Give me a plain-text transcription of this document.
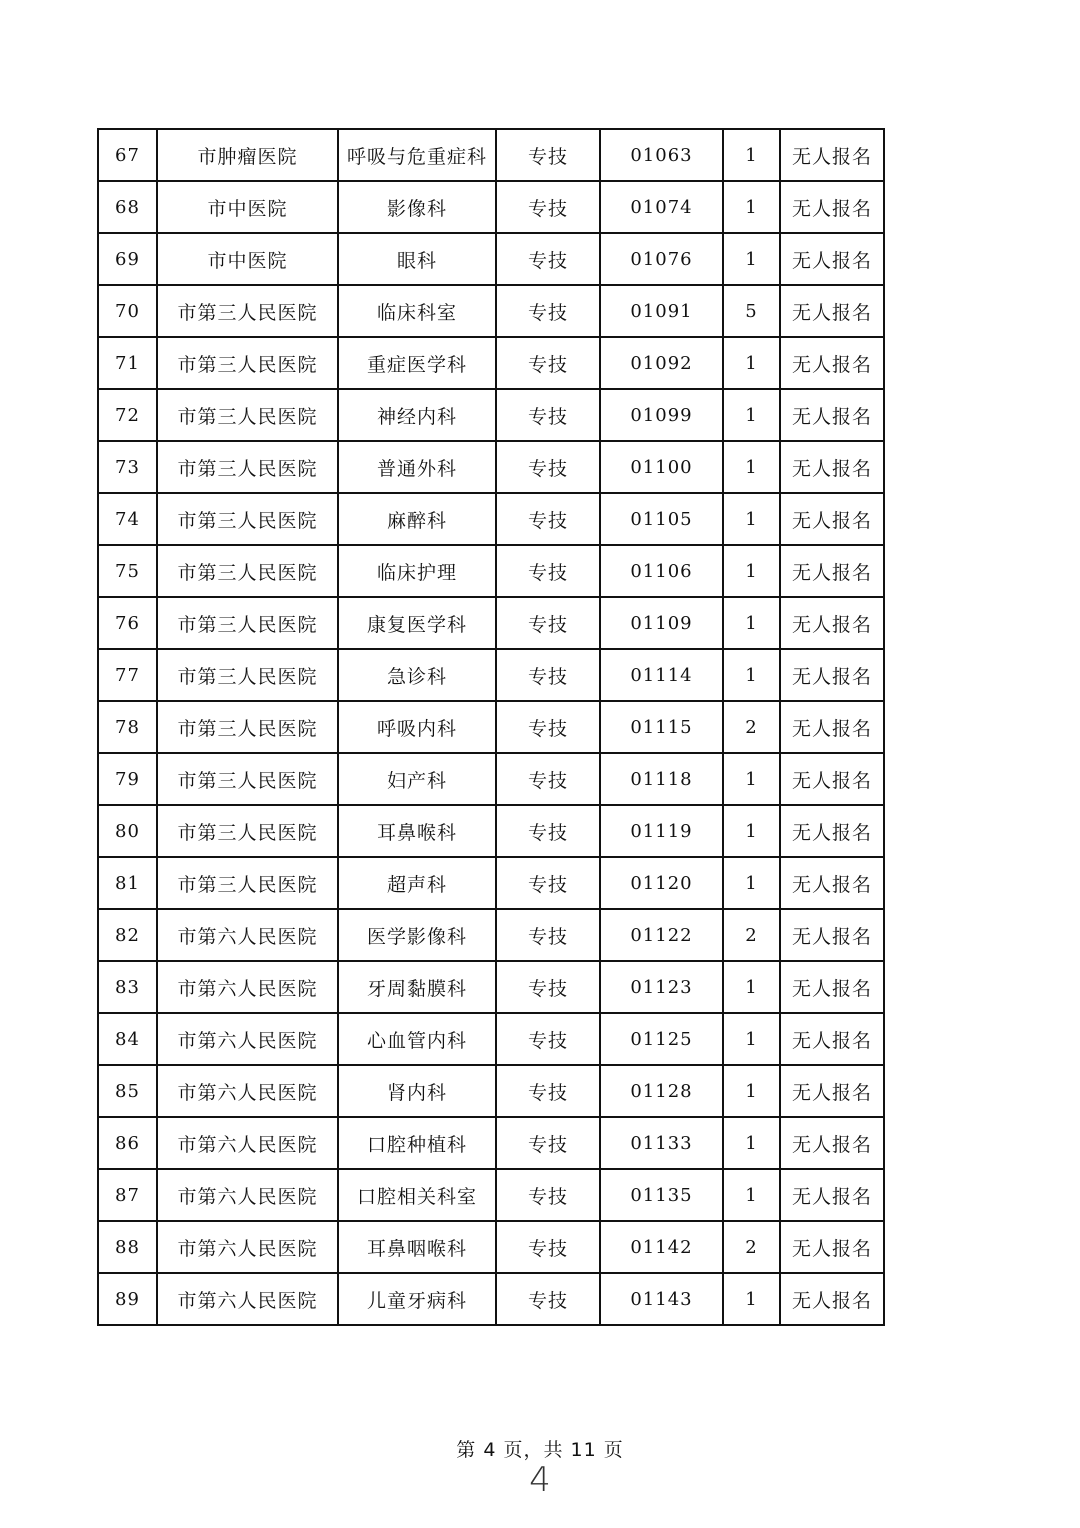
67	市肿瘤医院	呼吸与危重症科	专技	01063	1	无人报名
68	市中医院	影像科	专技	01074	1	无人报名
69	市中医院	眼科	专技	01076	1	无人报名
70	市第三人民医院	临床科室	专技	01091	5	无人报名
71	市第三人民医院	重症医学科	专技	01092	1	无人报名
72	市第三人民医院	神经内科	专技	01099	1	无人报名
73	市第三人民医院	普通外科	专技	01100	1	无人报名
74	市第三人民医院	麻醉科	专技	01105	1	无人报名
75	市第三人民医院	临床护理	专技	01106	1	无人报名
76	市第三人民医院	康复医学科	专技	01109	1	无人报名
77	市第三人民医院	急诊科	专技	01114	1	无人报名
78	市第三人民医院	呼吸内科	专技	01115	2	无人报名
79	市第三人民医院	妇产科	专技	01118	1	无人报名
80	市第三人民医院	耳鼻喉科	专技	01119	1	无人报名
81	市第三人民医院	超声科	专技	01120	1	无人报名
82	市第六人民医院	医学影像科	专技	01122	2	无人报名
83	市第六人民医院	牙周黏膜科	专技	01123	1	无人报名
84	市第六人民医院	心血管内科	专技	01125	1	无人报名
85	市第六人民医院	肾内科	专技	01128	1	无人报名
86	市第六人民医院	口腔种植科	专技	01133	1	无人报名
87	市第六人民医院	口腔相关科室	专技	01135	1	无人报名
88	市第六人民医院	耳鼻咽喉科	专技	01142	2	无人报名
89	市第六人民医院	儿童牙病科	专技	01143	1	无人报名
第 4 页，共 11 页
4
